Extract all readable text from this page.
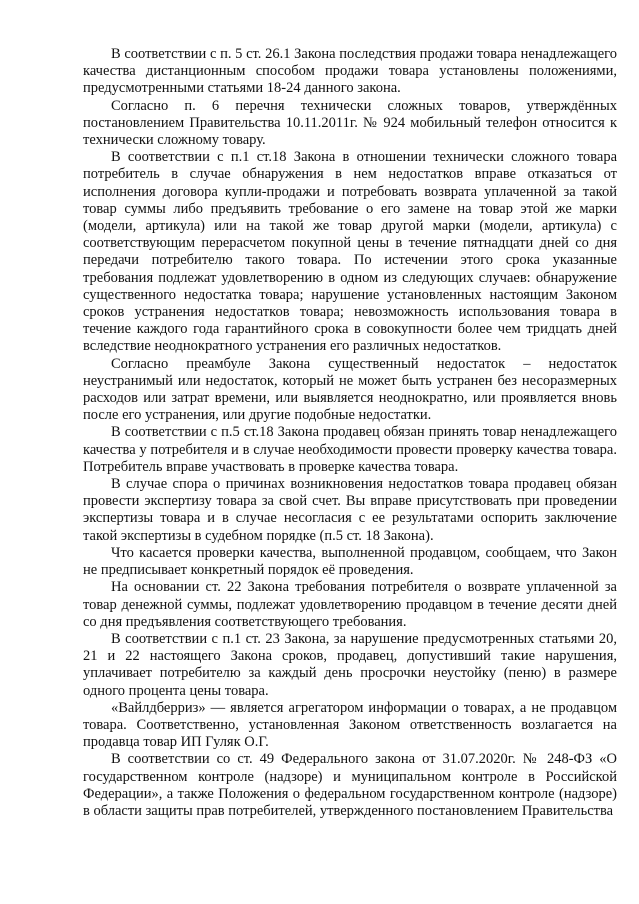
В соответствии с п. 5 ст. 26.1 Закона последствия продажи товара ненадлежащего качества дистанционным способом продажи товара установлены положениями, предусмотренными статьями 18-24 данного закона.

Согласно п. 6 перечня технически сложных товаров, утверждённых постановлением Правительства 10.11.2011г. № 924 мобильный телефон относится к технически сложному товару.

В соответствии с п.1 ст.18 Закона в отношении технически сложного товара потребитель в случае обнаружения в нем недостатков вправе отказаться от исполнения договора купли-продажи и потребовать возврата уплаченной за такой товар суммы либо предъявить требование о его замене на товар этой же марки (модели, артикула) или на такой же товар другой марки (модели, артикула) с соответствующим перерасчетом покупной цены в течение пятнадцати дней со дня передачи потребителю такого товара. По истечении этого срока указанные требования подлежат удовлетворению в одном из следующих случаев: обнаружение существенного недостатка товара; нарушение установленных настоящим Законом сроков устранения недостатков товара; невозможность использования товара в течение каждого года гарантийного срока в совокупности более чем тридцать дней вследствие неоднократного устранения его различных недостатков.

Согласно преамбуле Закона существенный недостаток – недостаток неустранимый или недостаток, который не может быть устранен без несоразмерных расходов или затрат времени, или выявляется неоднократно, или проявляется вновь после его устранения, или другие подобные недостатки.

В соответствии с п.5 ст.18 Закона продавец обязан принять товар ненадлежащего качества у потребителя и в случае необходимости провести проверку качества товара. Потребитель вправе участвовать в проверке качества товара.

В случае спора о причинах возникновения недостатков товара продавец обязан провести экспертизу товара за свой счет. Вы вправе присутствовать при проведении экспертизы товара и в случае несогласия с ее результатами оспорить заключение такой экспертизы в судебном порядке (п.5 ст. 18 Закона).

Что касается проверки качества, выполненной продавцом, сообщаем, что Закон не предписывает конкретный порядок её проведения.

На основании ст. 22 Закона требования потребителя о возврате уплаченной за товар денежной суммы, подлежат удовлетворению продавцом в течение десяти дней со дня предъявления соответствующего требования.

В соответствии с п.1 ст. 23 Закона, за нарушение предусмотренных статьями 20, 21 и 22 настоящего Закона сроков, продавец, допустивший такие нарушения, уплачивает потребителю за каждый день просрочки неустойку (пеню) в размере одного процента цены товара.

«Вайлдберриз» — является агрегатором информации о товарах, а не продавцом товара. Соответственно, установленная Законом ответственность возлагается на продавца товар ИП Гуляк О.Г.

В соответствии со ст. 49 Федерального закона от 31.07.2020г. № 248-ФЗ «О государственном контроле (надзоре) и муниципальном контроле в Российской Федерации», а также Положения о федеральном государственном контроле (надзоре) в области защиты прав потребителей, утвержденного постановлением Правительства
